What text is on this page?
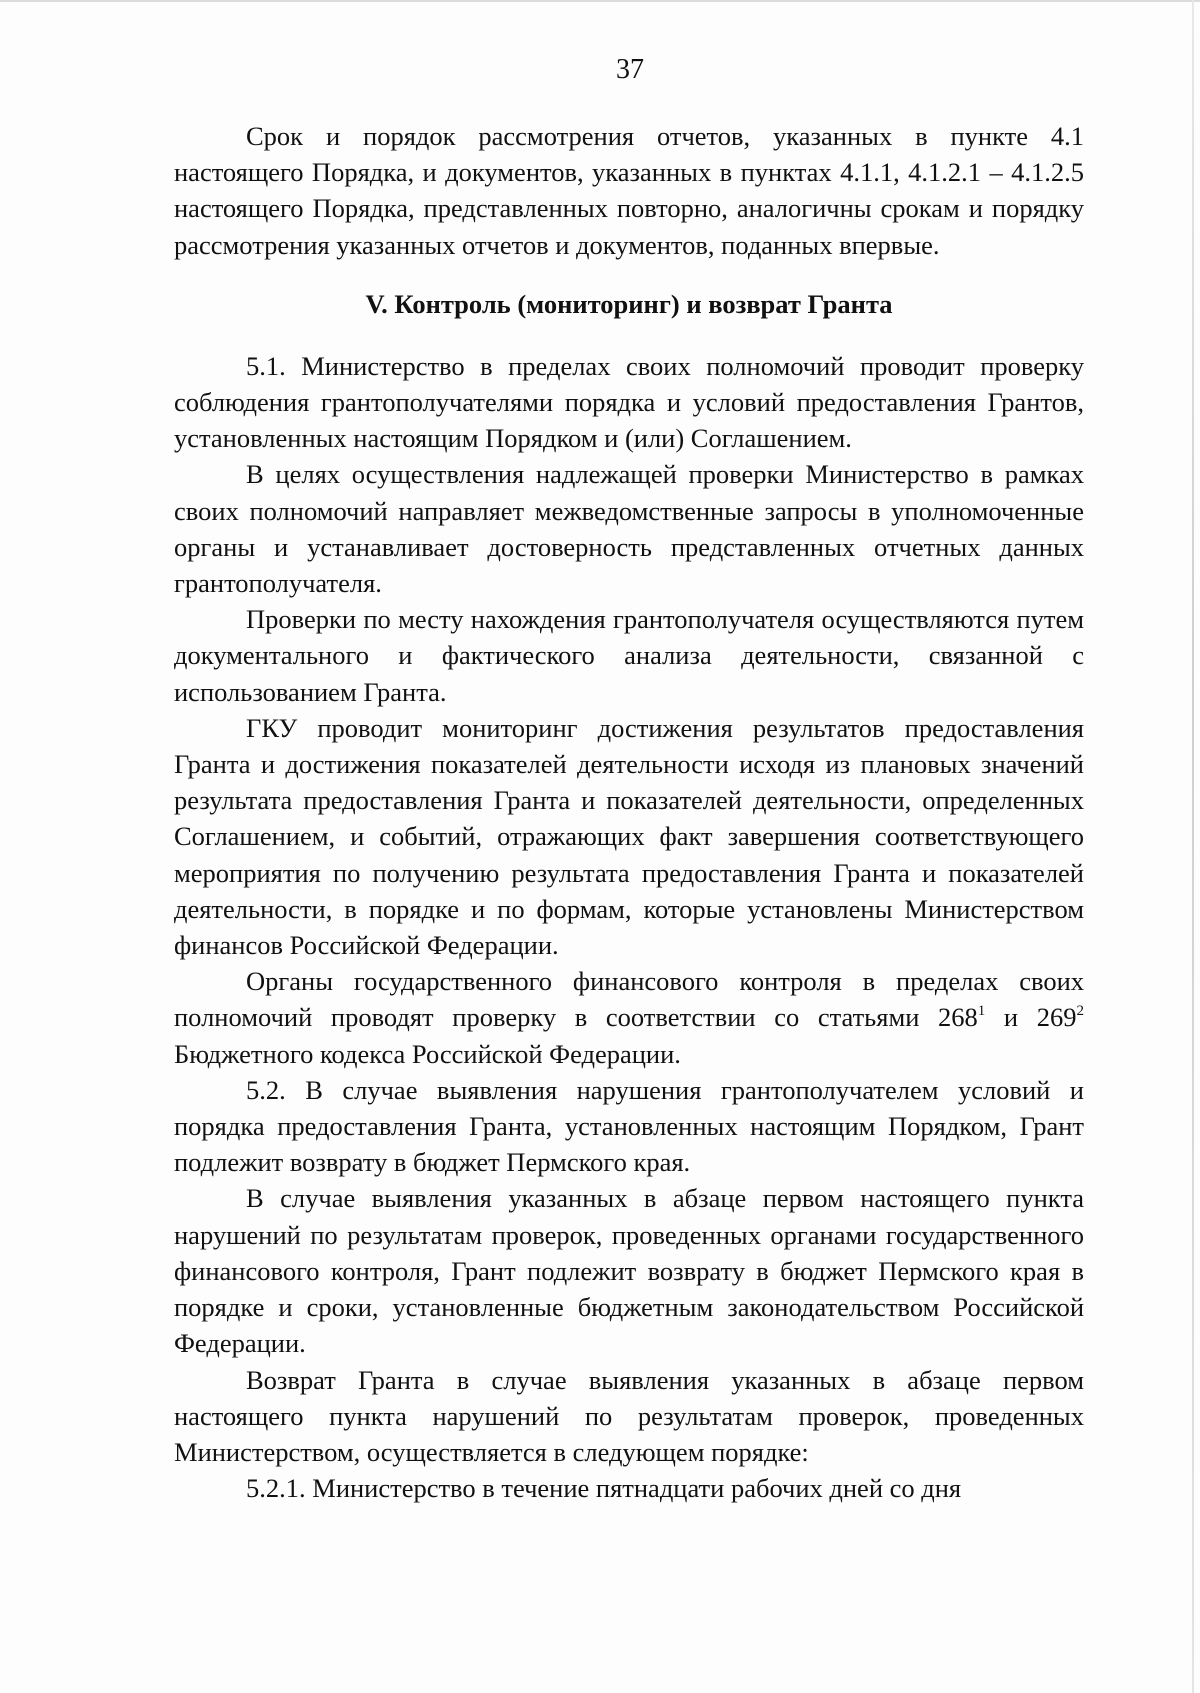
37

Срок и порядок рассмотрения отчетов, указанных в пункте 4.1 настоящего Порядка, и документов, указанных в пунктах 4.1.1, 4.1.2.1 – 4.1.2.5 настоящего Порядка, представленных повторно, аналогичны срокам и порядку рассмотрения указанных отчетов и документов, поданных впервые.

V. Контроль (мониторинг) и возврат Гранта

5.1. Министерство в пределах своих полномочий проводит проверку соблюдения грантополучателями порядка и условий предоставления Грантов, установленных настоящим Порядком и (или) Соглашением.

В целях осуществления надлежащей проверки Министерство в рамках своих полномочий направляет межведомственные запросы в уполномоченные органы и устанавливает достоверность представленных отчетных данных грантополучателя.

Проверки по месту нахождения грантополучателя осуществляются путем документального и фактического анализа деятельности, связанной с использованием Гранта.

ГКУ проводит мониторинг достижения результатов предоставления Гранта и достижения показателей деятельности исходя из плановых значений результата предоставления Гранта и показателей деятельности, определенных Соглашением, и событий, отражающих факт завершения соответствующего мероприятия по получению результата предоставления Гранта и показателей деятельности, в порядке и по формам, которые установлены Министерством финансов Российской Федерации.

Органы государственного финансового контроля в пределах своих полномочий проводят проверку в соответствии со статьями $268^1$ и $269^2$ Бюджетного кодекса Российской Федерации.

5.2. В случае выявления нарушения грантополучателем условий и порядка предоставления Гранта, установленных настоящим Порядком, Грант подлежит возврату в бюджет Пермского края.

В случае выявления указанных в абзаце первом настоящего пункта нарушений по результатам проверок, проведенных органами государственного финансового контроля, Грант подлежит возврату в бюджет Пермского края в порядке и сроки, установленные бюджетным законодательством Российской Федерации.

Возврат Гранта в случае выявления указанных в абзаце первом настоящего пункта нарушений по результатам проверок, проведенных Министерством, осуществляется в следующем порядке:

5.2.1. Министерство в течение пятнадцати рабочих дней со дня
